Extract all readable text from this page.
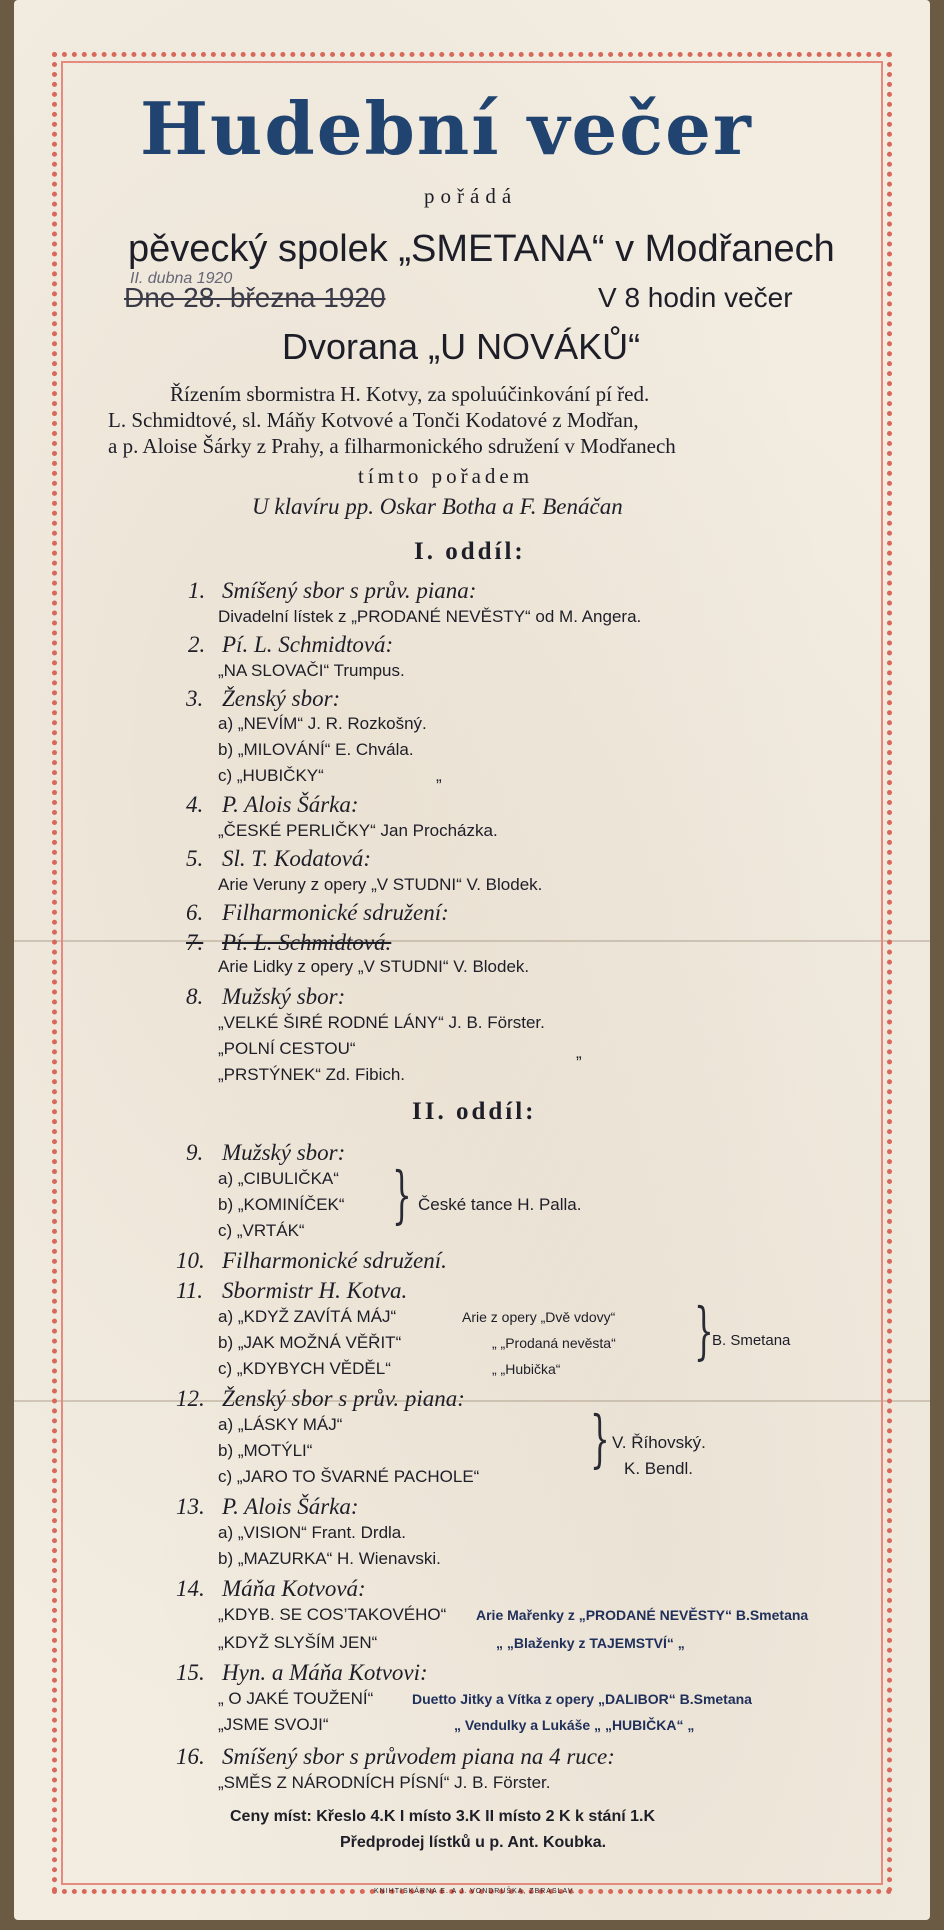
Hudební večer
pořádá
pěvecký spolek „SMETANA“ v Modřanech
II. dubna 1920
Dne 28. března 1920	V 8 hodin večer
Dvorana „U NOVÁKŮ“
Řízením sbormistra H. Kotvy, za spoluúčinkování pí řed.
L. Schmidtové, sl. Máňy Kotvové a Tonči Kodatové z Modřan,
a p. Aloise Šárky z Prahy, a filharmonického sdružení v Modřanech
tímto pořadem
U klavíru pp. Oskar Botha a F. Benáčan
I. oddíl:
1. Smíšený sbor s prův. piana:
Divadelní lístek z „PRODANÉ NEVĚSTY“ od M. Angera.
2. Pí. L. Schmidtová:
„NA SLOVAČI“ Trumpus.
3. Ženský sbor:
a) „NEVÍM“ J. R. Rozkošný.
b) „MILOVÁNÍ“ E. Chvála.
c) „HUBIČKY“	„
4. P. Alois Šárka:
„ČESKÉ PERLIČKY“ Jan Procházka.
5. Sl. T. Kodatová:
Arie Veruny z opery „V STUDNI“ V. Blodek.
6. Filharmonické sdružení:
7. Pí. L. Schmidtová.
Arie Lidky z opery „V STUDNI“ V. Blodek.
8. Mužský sbor:
„VELKÉ ŠIRÉ RODNÉ LÁNY“ J. B. Förster.
„POLNÍ CESTOU“	„
„PRSTÝNEK“ Zd. Fibich.
II. oddíl:
9. Mužský sbor:
a) „CIBULIČKA“
b) „KOMINÍČEK“
c) „VRTÁK“ } České tance H. Palla.
10. Filharmonické sdružení.
11. Sbormistr H. Kotva.
a) „KDYŽ ZAVÍTÁ MÁJ“	Arie z opery „Dvě vdovy“
b) „JAK MOŽNÁ VĚŘIT“	„ „Prodaná nevěsta“
c) „KDYBYCH VĚDĚL“	„ „Hubička“
}
B. Smetana
12. Ženský sbor s prův. piana:
a) „LÁSKY MÁJ“
b) „MOTÝLI“
c) „JARO TO ŠVARNÉ PACHOLE“
} V. Říhovský.
K. Bendl.
13. P. Alois Šárka:
a) „VISION“ Frant. Drdla.
b) „MAZURKA“ H. Wienavski.
14. Máňa Kotvová:
„KDYB. SE COS’TAKOVÉHO“ Arie Mařenky z „PRODANÉ NEVĚSTY“ B.Smetana
„KDYŽ SLYŠÍM JEN“	„ „Blaženky z TAJEMSTVÍ“ „
15. Hyn. a Máňa Kotvovi:
„ O JAKÉ TOUŽENÍ“	Duetto Jitky a Vítka z opery „DALIBOR“ B.Smetana
„JSME SVOJI“	„ Vendulky a Lukáše „ „HUBIČKA“ „
16. Smíšený sbor s průvodem piana na 4 ruce:
„SMĚS Z NÁRODNÍCH PÍSNÍ“ J. B. Förster.
Ceny míst: Křeslo 4.K I místo 3.K II místo 2 K k stání 1.K
Předprodej lístků u p. Ant. Koubka.
KNIHTISKÁRNA E. A J. VONDRUŠKA, ZBRASLAV.
